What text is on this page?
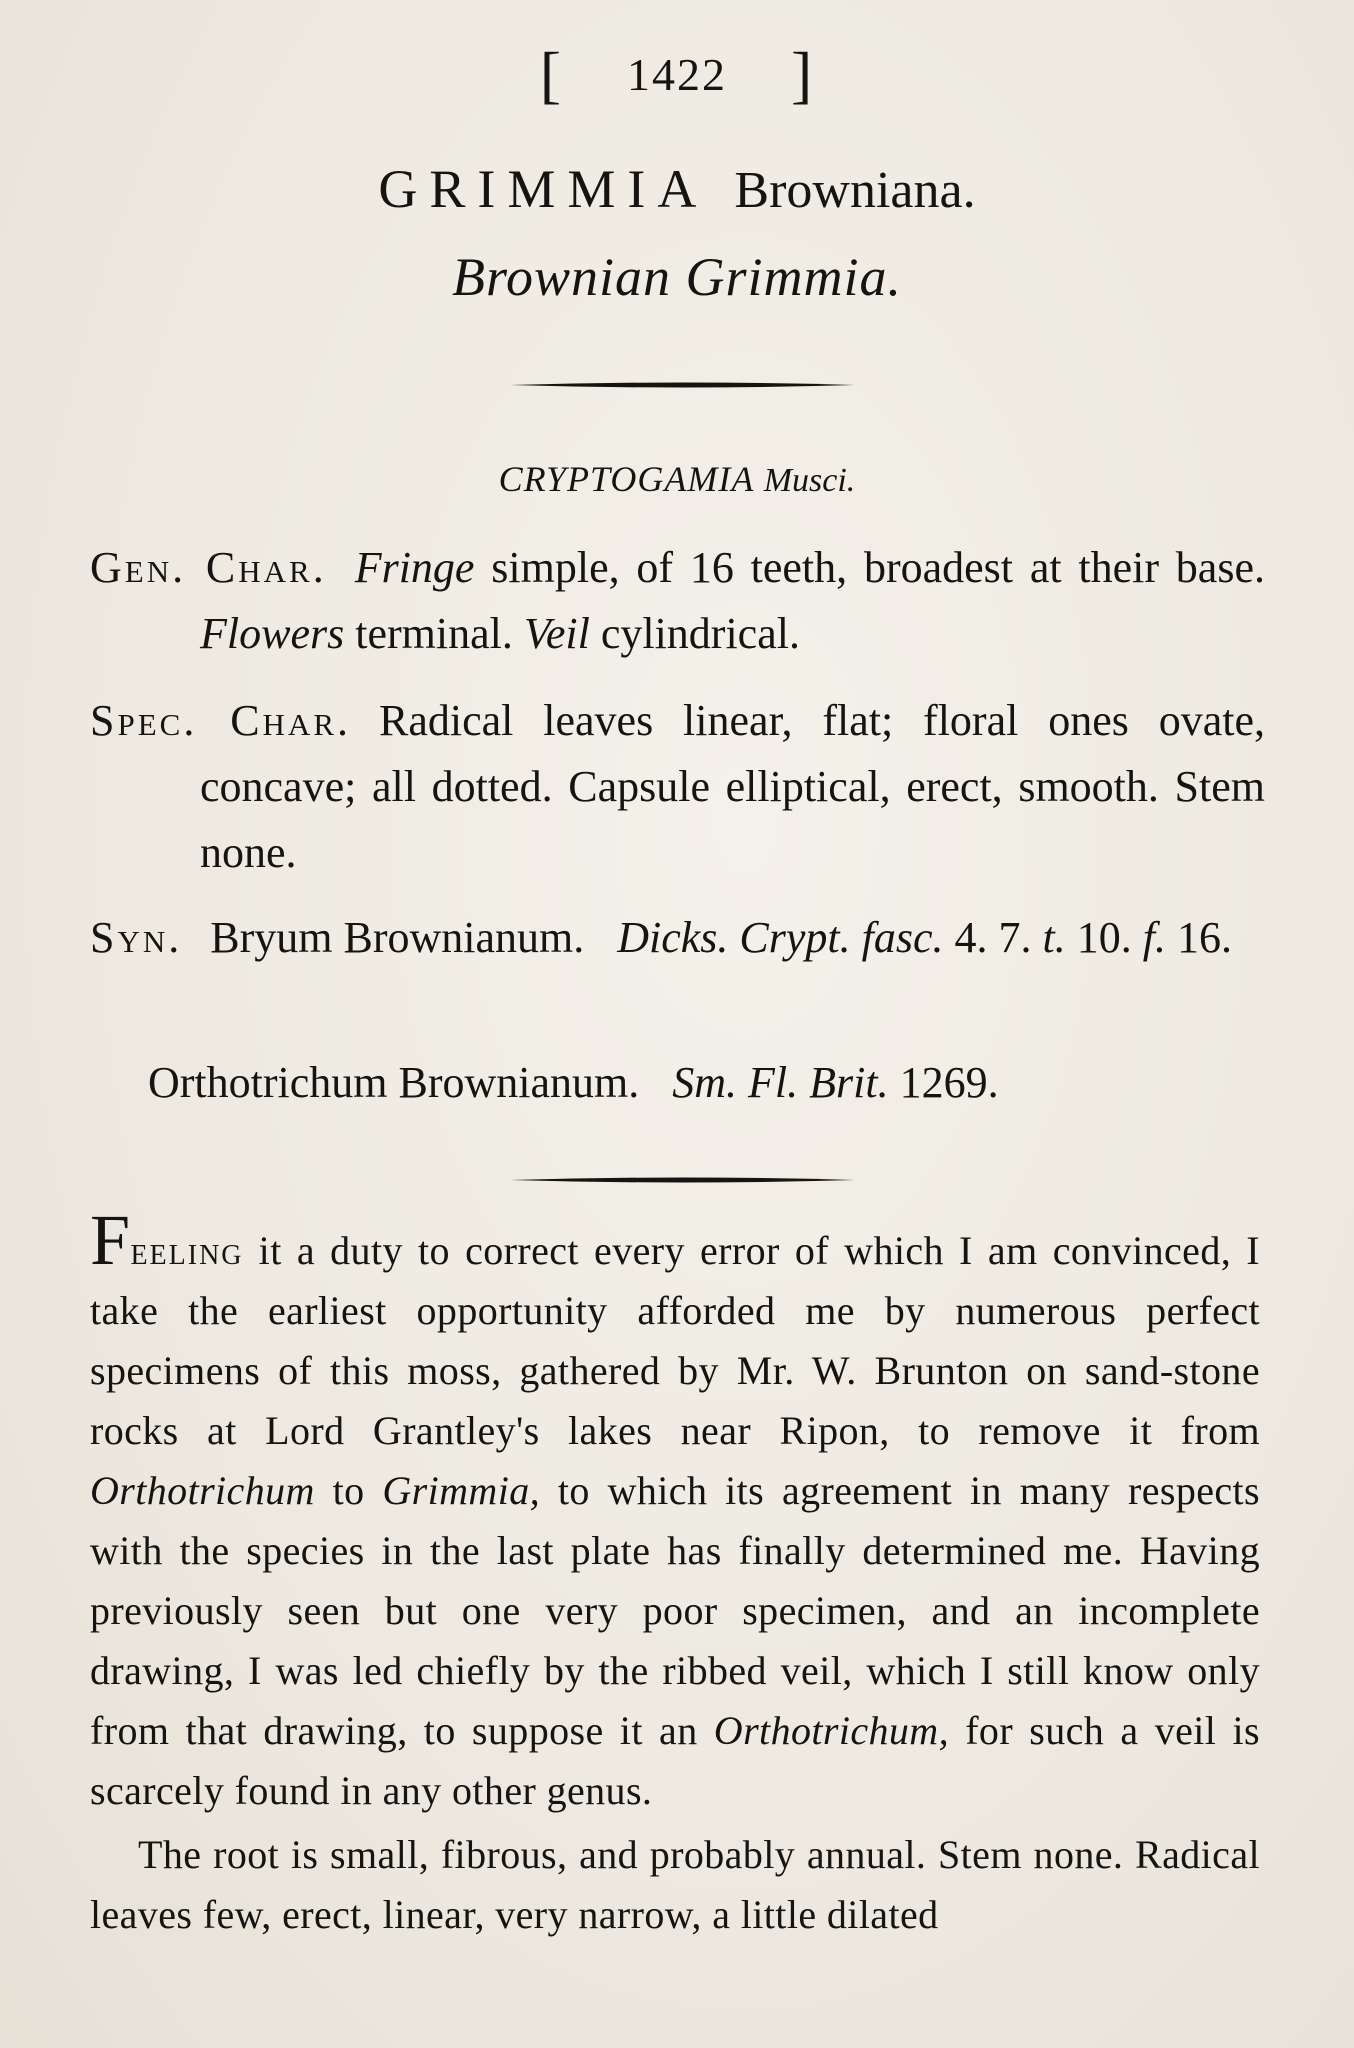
[ 1422 ]
GRIMMIA Browniana.
Brownian Grimmia.
CRYPTOGAMIA Musci.

Gen. Char. Fringe simple, of 16 teeth, broadest at their base. Flowers terminal. Veil cylindrical.

Spec. Char. Radical leaves linear, flat; floral ones ovate, concave; all dotted. Capsule elliptical, erect, smooth. Stem none.

Syn. Bryum Brownianum. Dicks. Crypt. fasc. 4. 7. t. 10. f. 16.

Orthotrichum Brownianum. Sm. Fl. Brit. 1269.

Feeling it a duty to correct every error of which I am convinced, I take the earliest opportunity afforded me by numerous perfect specimens of this moss, gathered by Mr. W. Brunton on sand-stone rocks at Lord Grantley's lakes near Ripon, to remove it from Orthotrichum to Grimmia, to which its agreement in many respects with the species in the last plate has finally determined me. Having previously seen but one very poor specimen, and an incomplete drawing, I was led chiefly by the ribbed veil, which I still know only from that drawing, to suppose it an Orthotrichum, for such a veil is scarcely found in any other genus.

The root is small, fibrous, and probably annual. Stem none. Radical leaves few, erect, linear, very narrow, a little dilated
